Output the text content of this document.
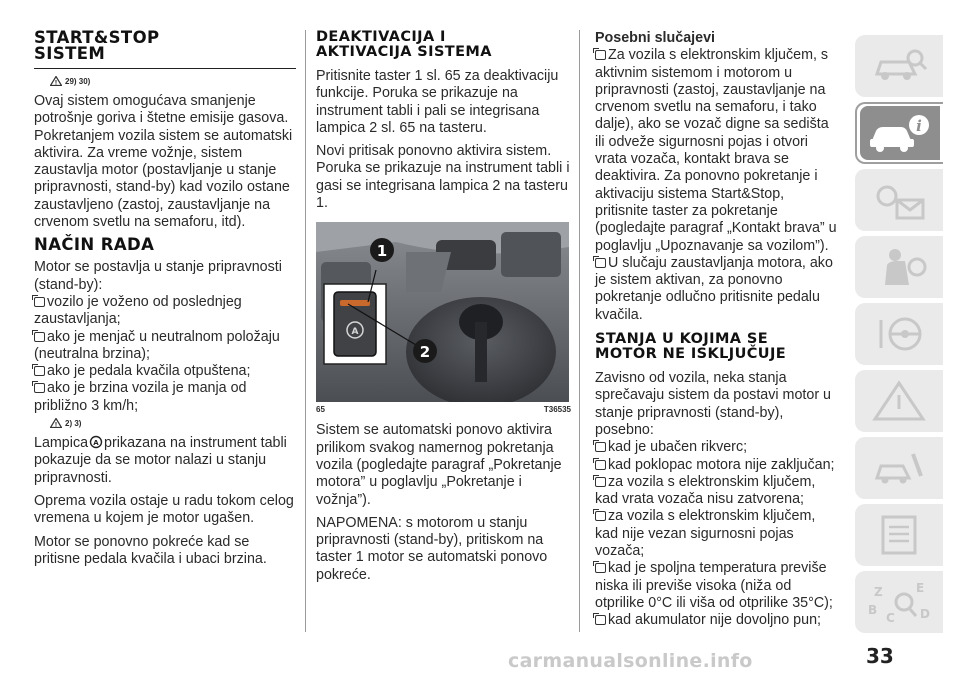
START&STOP
SISTEM
! 29) 30)

Ovaj sistem omogućava smanjenje potrošnje goriva i štetne emisije gasova. Pokretanjem vozila sistem se automatski aktivira. Za vreme vožnje, sistem zaustavlja motor (postavljanje u stanje pripravnosti, stand-by) kad vozilo ostane zaustavljeno (zastoj, zaustavljanje na crvenom svetlu na semaforu, itd).

NAČIN RADA

Motor se postavlja u stanje pripravnosti (stand-by):

vozilo je voženo od poslednjeg zaustavljanja;
ako je menjač u neutralnom položaju (neutralna brzina);
ako je pedala kvačila otpuštena;
ako je brzina vozila je manja od približno 3 km/h;
! 2) 3)

Lampica A prikazana na instrument tabli pokazuje da se motor nalazi u stanju pripravnosti.

Oprema vozila ostaje u radu tokom celog vremena u kojem je motor ugašen.

Motor se ponovno pokreće kad se pritisne pedala kvačila i ubaci brzina.

DEAKTIVACIJA I
AKTIVACIJA SISTEMA

Pritisnite taster 1 sl. 65 za deaktivaciju funkcije. Poruka se prikazuje na instrument tabli i pali se integrisana lampica 2 sl. 65 na tasteru.

Novi pritisak ponovno aktivira sistem. Poruka se prikazuje na instrument tabli i gasi se integrisana lampica 2 na tasteru 1.

A
1
2
65	T36535

Sistem se automatski ponovo aktivira prilikom svakog namernog pokretanja vozila (pogledajte paragraf „Pokretanje motora” u poglavlju „Pokretanje i vožnja”).

NAPOMENA: s motorom u stanju pripravnosti (stand-by), pritiskom na taster 1 motor se automatski ponovo pokreće.

Posebni slučajevi

Za vozila s elektronskim ključem, s aktivnim sistemom i motorom u pripravnosti (zastoj, zaustavljanje na crvenom svetlu na semaforu, i tako dalje), ako se vozač digne sa sedišta ili odveže sigurnosni pojas i otvori vrata vozača, kontakt brava se deaktivira. Za ponovno pokretanje i aktivaciju sistema Start&Stop, pritisnite taster za pokretanje (pogledajte paragraf „Kontakt brava” u poglavlju „Upoznavanje sa vozilom”).
U slučaju zaustavljanja motora, ako je sistem aktivan, za ponovno pokretanje odlučno pritisnite pedalu kvačila.
STANJA U KOJIMA SE
MOTOR NE ISKLJUČUJE

Zavisno od vozila, neka stanja sprečavaju sistem da postavi motor u stanje pripravnosti (stand-by), posebno:

kad je ubačen rikverc;
kad poklopac motora nije zaključan;
za vozila s elektronskim ključem, kad vrata vozača nisu zatvorena;
za vozila s elektronskim ključem, kad nije vezan sigurnosni pojas vozača;
kad je spoljna temperatura previše niska ili previše visoka (niža od otprilike 0°C ili viša od otprilike 35°C);
kad akumulator nije dovoljno pun;
i
Z	E
B
C D
33
carmanualsonline.info
